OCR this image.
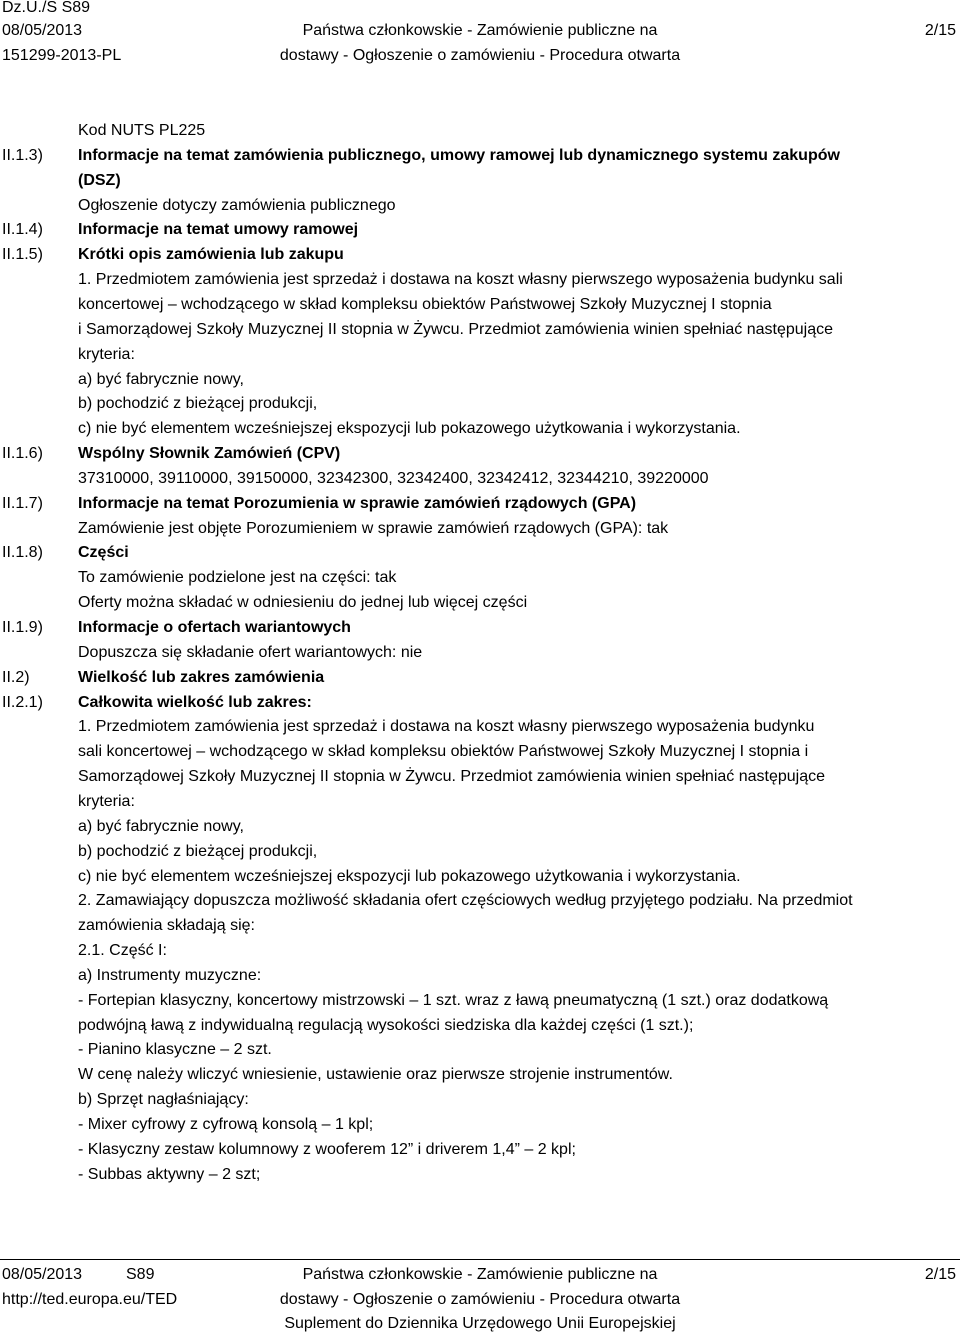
Dz.U./S S89
08/05/2013
151299-2013-PL
Państwa członkowskie - Zamówienie publiczne na
dostawy - Ogłoszenie o zamówieniu - Procedura otwarta
2/15
Kod NUTS PL225
II.1.3) Informacje na temat zamówienia publicznego, umowy ramowej lub dynamicznego systemu zakupów
(DSZ)
Ogłoszenie dotyczy zamówienia publicznego
II.1.4) Informacje na temat umowy ramowej
II.1.5) Krótki opis zamówienia lub zakupu
1. Przedmiotem zamówienia jest sprzedaż i dostawa na koszt własny pierwszego wyposażenia budynku sali
koncertowej – wchodzącego w skład kompleksu obiektów Państwowej Szkoły Muzycznej I stopnia
i Samorządowej Szkoły Muzycznej II stopnia w Żywcu. Przedmiot zamówienia winien spełniać następujące
kryteria:
a) być fabrycznie nowy,
b) pochodzić z bieżącej produkcji,
c) nie być elementem wcześniejszej ekspozycji lub pokazowego użytkowania i wykorzystania.
II.1.6) Wspólny Słownik Zamówień (CPV)
37310000, 39110000, 39150000, 32342300, 32342400, 32342412, 32344210, 39220000
II.1.7) Informacje na temat Porozumienia w sprawie zamówień rządowych (GPA)
Zamówienie jest objęte Porozumieniem w sprawie zamówień rządowych (GPA): tak
II.1.8) Części
To zamówienie podzielone jest na części: tak
Oferty można składać w odniesieniu do jednej lub więcej części
II.1.9) Informacje o ofertach wariantowych
Dopuszcza się składanie ofert wariantowych: nie
II.2)	Wielkość lub zakres zamówienia
II.2.1) Całkowita wielkość lub zakres:
1. Przedmiotem zamówienia jest sprzedaż i dostawa na koszt własny pierwszego wyposażenia budynku
sali koncertowej – wchodzącego w skład kompleksu obiektów Państwowej Szkoły Muzycznej I stopnia i
Samorządowej Szkoły Muzycznej II stopnia w Żywcu. Przedmiot zamówienia winien spełniać następujące
kryteria:
a) być fabrycznie nowy,
b) pochodzić z bieżącej produkcji,
c) nie być elementem wcześniejszej ekspozycji lub pokazowego użytkowania i wykorzystania.
2. Zamawiający dopuszcza możliwość składania ofert częściowych według przyjętego podziału. Na przedmiot
zamówienia składają się:
2.1. Część I:
a) Instrumenty muzyczne:
- Fortepian klasyczny, koncertowy mistrzowski – 1 szt. wraz z ławą pneumatyczną (1 szt.) oraz dodatkową
podwójną ławą z indywidualną regulacją wysokości siedziska dla każdej części (1 szt.);
- Pianino klasyczne – 2 szt.
W cenę należy wliczyć wniesienie, ustawienie oraz pierwsze strojenie instrumentów.
b) Sprzęt nagłaśniający:
- Mixer cyfrowy z cyfrową konsolą – 1 kpl;
- Klasyczny zestaw kolumnowy z wooferem 12” i driverem 1,4” – 2 kpl;
- Subbas aktywny – 2 szt;
08/05/2013	S89
http://ted.europa.eu/TED
Państwa członkowskie - Zamówienie publiczne na
dostawy - Ogłoszenie o zamówieniu - Procedura otwarta
Suplement do Dziennika Urzędowego Unii Europejskiej
2/15
